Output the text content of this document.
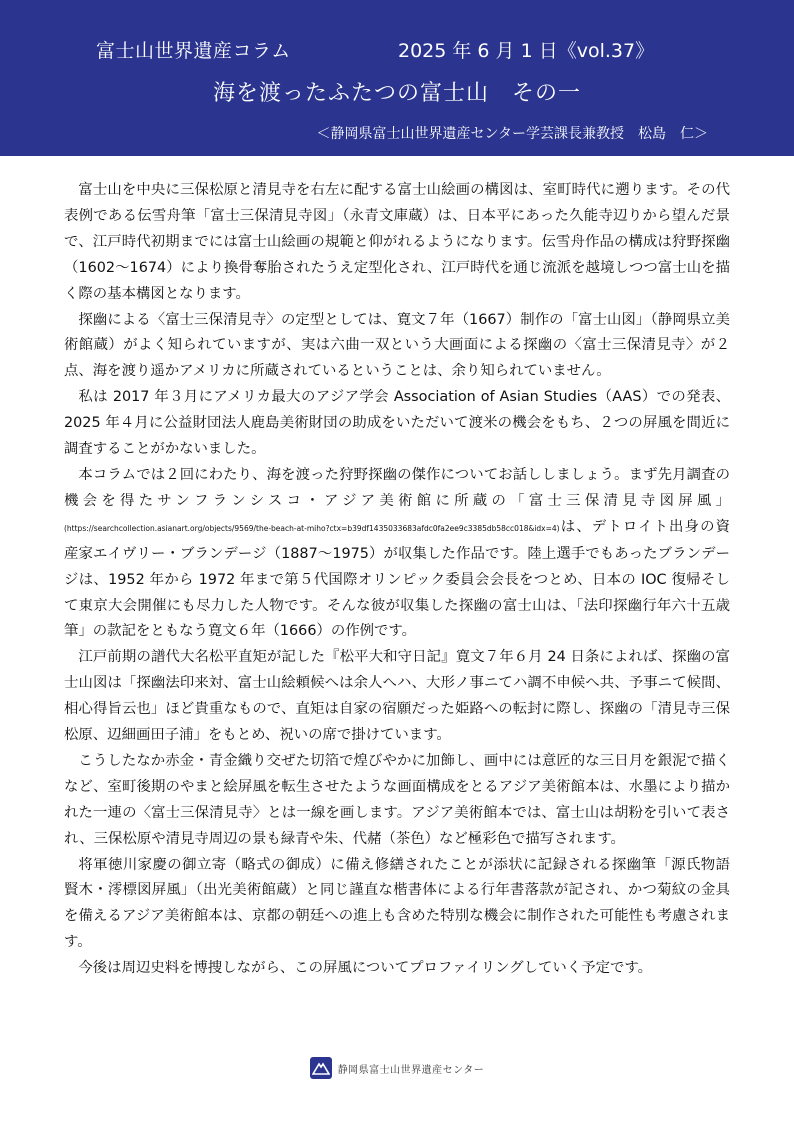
富士山世界遺産コラム	2025 年 6 月 1 日《vol.37》
海を渡ったふたつの富士山　その一
＜静岡県富士山世界遺産センター学芸課長兼教授　松島　仁＞

富士山を中央に三保松原と清見寺を右左に配する富士山絵画の構図は、室町時代に遡ります。その代表例である伝雪舟筆「富士三保清見寺図」（永青文庫蔵）は、日本平にあった久能寺辺りから望んだ景で、江戸時代初期までには富士山絵画の規範と仰がれるようになります。伝雪舟作品の構成は狩野探幽（1602～1674）により換骨奪胎されたうえ定型化され、江戸時代を通じ流派を越境しつつ富士山を描く際の基本構図となります。

探幽による〈富士三保清見寺〉の定型としては、寛文７年（1667）制作の「富士山図」（静岡県立美術館蔵）がよく知られていますが、実は六曲一双という大画面による探幽の〈富士三保清見寺〉が２点、海を渡り遥かアメリカに所蔵されているということは、余り知られていません。

私は 2017 年３月にアメリカ最大のアジア学会 Association of Asian Studies（AAS）での発表、2025 年４月に公益財団法人鹿島美術財団の助成をいただいて渡米の機会をもち、２つの屏風を間近に調査することがかないました。

本コラムでは２回にわたり、海を渡った狩野探幽の傑作についてお話ししましょう。まず先月調査の機会を得たサンフランシスコ・アジア美術館に所蔵の「富士三保清見寺図屏風」(https://searchcollection.asianart.org/objects/9569/the-beach-at-miho?ctx=b39df1435033683afdc0fa2ee9c3385db58cc018&idx=4)は、デトロイト出身の資産家エイヴリー・ブランデージ（1887～1975）が収集した作品です。陸上選手でもあったブランデージは、1952 年から 1972 年まで第５代国際オリンピック委員会会長をつとめ、日本の IOC 復帰そして東京大会開催にも尽力した人物です。そんな彼が収集した探幽の富士山は、「法印探幽行年六十五歳筆」の款記をともなう寛文６年（1666）の作例です。

江戸前期の譜代大名松平直矩が記した『松平大和守日記』寛文７年６月 24 日条によれば、探幽の富士山図は「探幽法印来対、富士山絵頼候へは余人へハ、大形ノ事ニてハ調不申候へ共、予事ニて候間、相心得旨云也」ほど貴重なもので、直矩は自家の宿願だった姫路への転封に際し、探幽の「清見寺三保松原、辺細画田子浦」をもとめ、祝いの席で掛けています。

こうしたなか赤金・青金織り交ぜた切箔で煌びやかに加飾し、画中には意匠的な三日月を銀泥で描くなど、室町後期のやまと絵屏風を転生させたような画面構成をとるアジア美術館本は、水墨により描かれた一連の〈富士三保清見寺〉とは一線を画します。アジア美術館本では、富士山は胡粉を引いて表され、三保松原や清見寺周辺の景も緑青や朱、代赭（茶色）など極彩色で描写されます。

将軍徳川家慶の御立寄（略式の御成）に備え修繕されたことが添状に記録される探幽筆「源氏物語　賢木・澪標図屏風」（出光美術館蔵）と同じ謹直な楷書体による行年書落款が記され、かつ菊紋の金具を備えるアジア美術館本は、京都の朝廷への進上も含めた特別な機会に制作された可能性も考慮されます。

今後は周辺史料を博捜しながら、この屏風についてプロファイリングしていく予定です。

静岡県富士山世界遺産センター
